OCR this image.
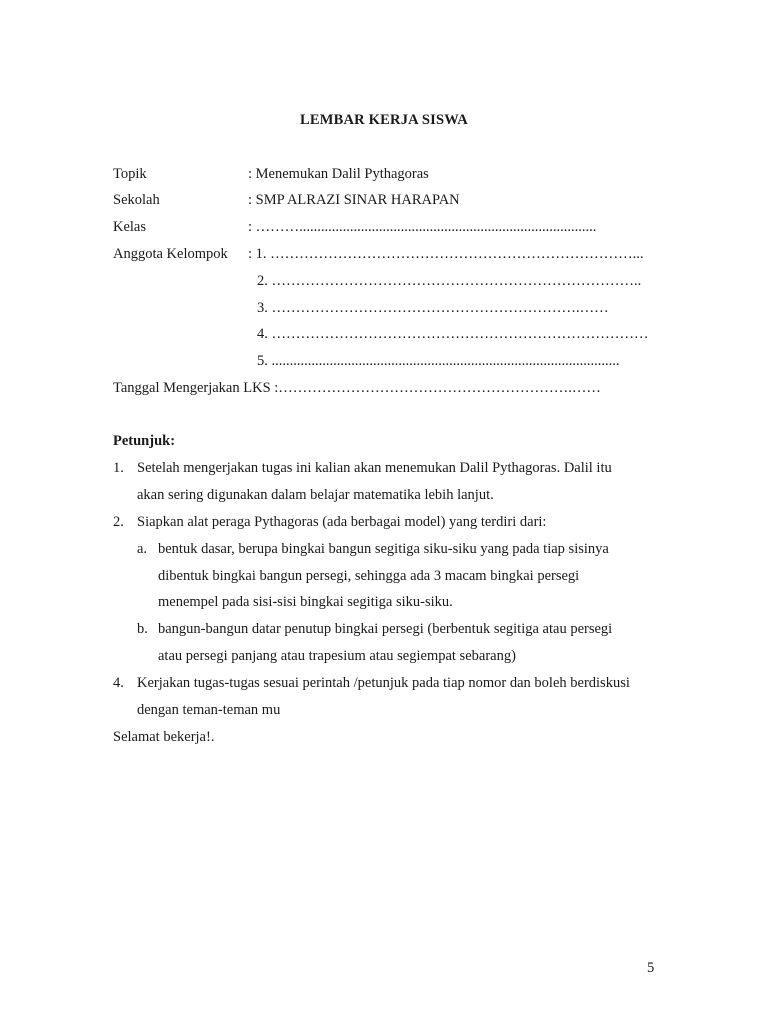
LEMBAR KERJA SISWA
Topik	: Menemukan Dalil Pythagoras
Sekolah	: SMP ALRAZI SINAR HARAPAN
Kelas	: ………..................................................................................
Anggota Kelompok : 1. …………………………………………………………………...
2. …………………………………………………………………..
3. ……………………………………………………….……
4. ……………………………………………………………………
5. ................................................................................................
Tanggal Mengerjakan LKS :…………………………………………………….……
Petunjuk:
1. Setelah mengerjakan tugas ini kalian akan menemukan Dalil Pythagoras. Dalil itu
akan sering digunakan dalam belajar matematika lebih lanjut.
2. Siapkan alat peraga Pythagoras (ada berbagai model) yang terdiri dari:
a. bentuk dasar, berupa bingkai bangun segitiga siku-siku yang pada tiap sisinya
dibentuk bingkai bangun persegi, sehingga ada 3 macam bingkai persegi
menempel pada sisi-sisi bingkai segitiga siku-siku.
b. bangun-bangun datar penutup bingkai persegi (berbentuk segitiga atau persegi
atau persegi panjang atau trapesium atau segiempat sebarang)
4. Kerjakan tugas-tugas sesuai perintah /petunjuk pada tiap nomor dan boleh berdiskusi
dengan teman-teman mu
Selamat bekerja!.
5
